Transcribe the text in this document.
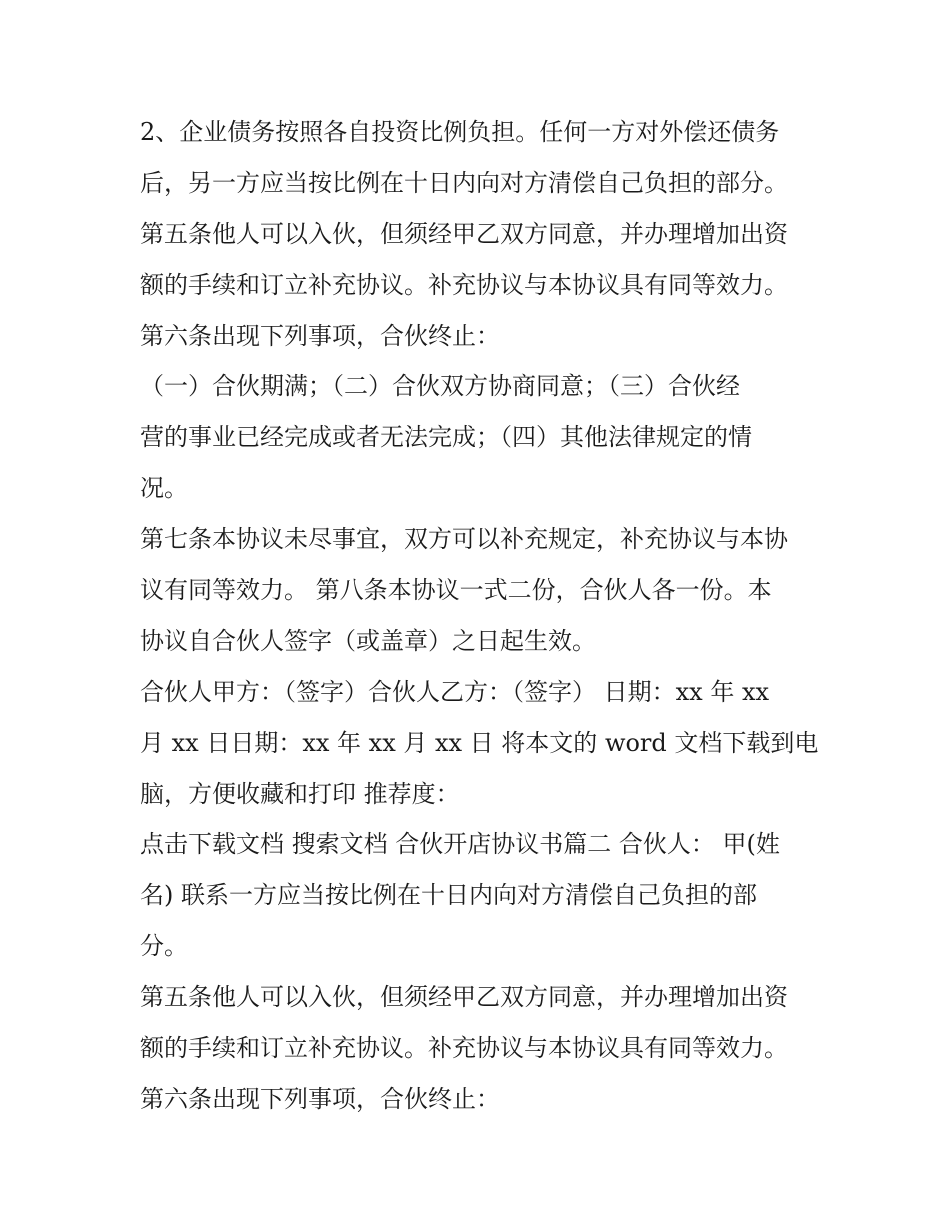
2、企业债务按照各自投资比例负担。任何一方对外偿还债务
后，另一方应当按比例在十日内向对方清偿自己负担的部分。
第五条他人可以入伙，但须经甲乙双方同意，并办理增加出资
额的手续和订立补充协议。补充协议与本协议具有同等效力。
第六条出现下列事项，合伙终止：
（一）合伙期满；（二）合伙双方协商同意；（三）合伙经
营的事业已经完成或者无法完成；（四）其他法律规定的情
况。
第七条本协议未尽事宜，双方可以补充规定，补充协议与本协
议有同等效力。 第八条本协议一式二份，合伙人各一份。本
协议自合伙人签字（或盖章）之日起生效。
合伙人甲方：（签字）合伙人乙方：（签字） 日期：xx 年 xx
月 xx 日日期：xx 年 xx 月 xx 日 将本文的 word 文档下载到电
脑，方便收藏和打印 推荐度：
点击下载文档 搜索文档 合伙开店协议书篇二 合伙人： 甲(姓
名) 联系一方应当按比例在十日内向对方清偿自己负担的部
分。
第五条他人可以入伙，但须经甲乙双方同意，并办理增加出资
额的手续和订立补充协议。补充协议与本协议具有同等效力。
第六条出现下列事项，合伙终止：
